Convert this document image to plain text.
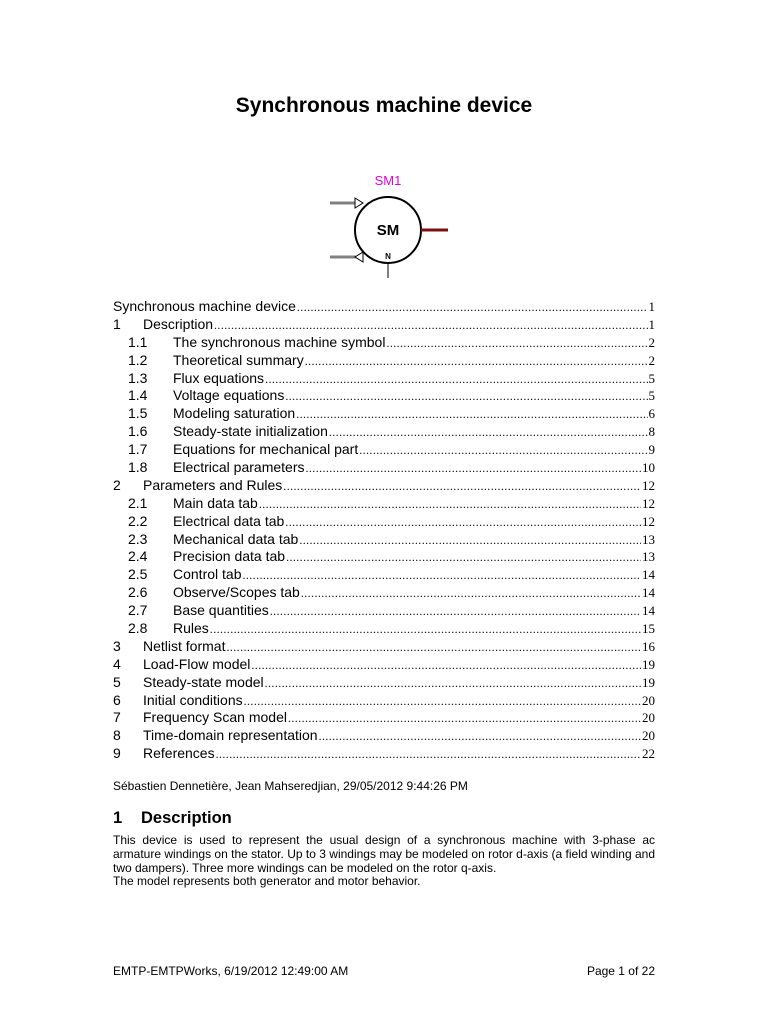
Synchronous machine device
SM1
SM
N
Synchronous machine device .....	1
1	Description .....	1
1.1	The synchronous machine symbol .....	2
1.2	Theoretical summary .....	2
1.3	Flux equations .....	5
1.4	Voltage equations .....	5
1.5	Modeling saturation .....	6
1.6	Steady-state initialization .....	8
1.7	Equations for mechanical part .....	9
1.8	Electrical parameters .....	10
2	Parameters and Rules .....	12
2.1	Main data tab .....	12
2.2	Electrical data tab .....	12
2.3	Mechanical data tab .....	13
2.4	Precision data tab .....	13
2.5	Control tab .....	14
2.6	Observe/Scopes tab .....	14
2.7	Base quantities .....	14
2.8	Rules .....	15
3	Netlist format .....	16
4	Load-Flow model .....	19
5	Steady-state model .....	19
6	Initial conditions .....	20
7	Frequency Scan model .....	20
8	Time-domain representation .....	20
9	References .....	22
Sébastien Dennetière, Jean Mahseredjian, 29/05/2012 9:44:26 PM
1 Description

This device is used to represent the usual design of a synchronous machine with 3-phase ac armature windings on the stator. Up to 3 windings may be modeled on rotor d-axis (a field winding and two dampers). Three more windings can be modeled on the rotor q-axis.

The model represents both generator and motor behavior.

EMTP-EMTPWorks, 6/19/2012 12:49:00 AM	Page 1 of 22
